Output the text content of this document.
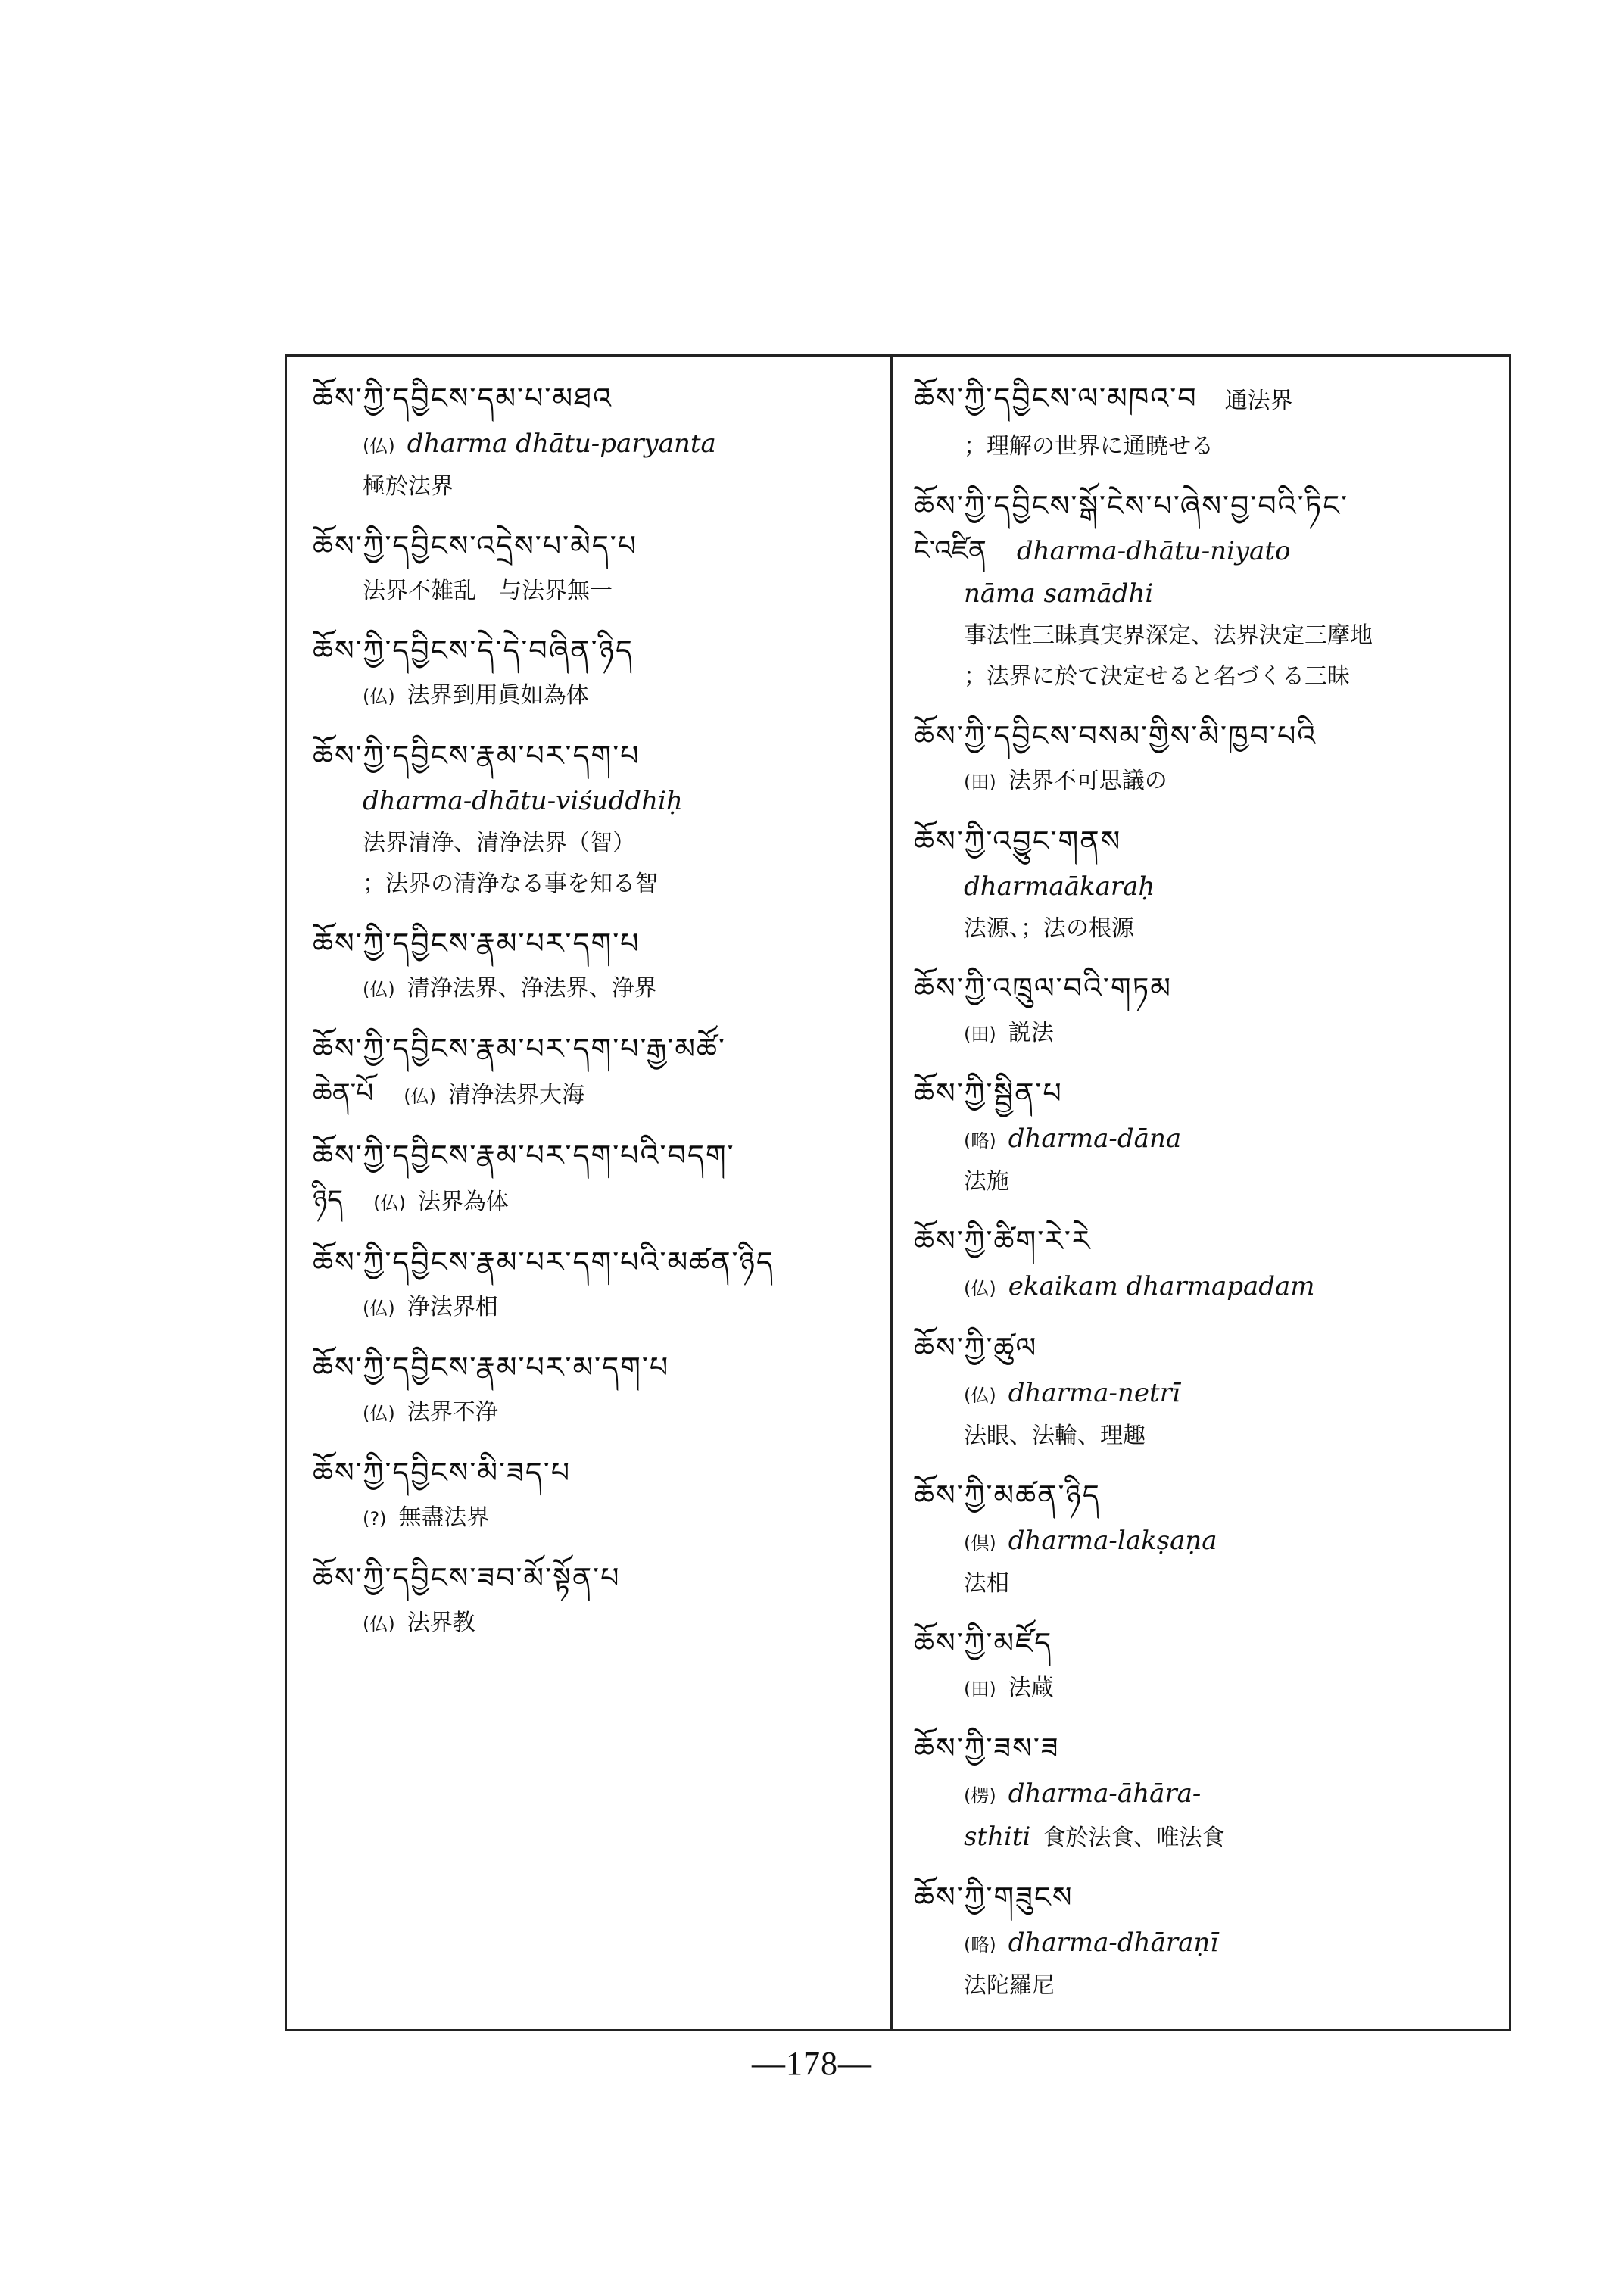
ཆོས་ཀྱི་དབྱིངས་དམ་པ་མཐའ
(仏) dharma dhātu-paryanta
極於法界
ཆོས་ཀྱི་དབྱིངས་འདྲེས་པ་མེད་པ
法界不雑乱　与法界無一
ཆོས་ཀྱི་དབྱིངས་དེ་དེ་བཞིན་ཉིད
(仏) 法界到用眞如為体
ཆོས་ཀྱི་དབྱིངས་རྣམ་པར་དག་པ
dharma-dhātu-viśuddhiḥ
法界清浄、清浄法界（智）
；法界の清浄なる事を知る智
ཆོས་ཀྱི་དབྱིངས་རྣམ་པར་དག་པ
(仏) 清浄法界、浄法界、浄界
ཆོས་ཀྱི་དབྱིངས་རྣམ་པར་དག་པ་རྒྱ་མཚོ་
ཆེན་པོ (仏) 清浄法界大海
ཆོས་ཀྱི་དབྱིངས་རྣམ་པར་དག་པའི་བདག་
ཉིད (仏) 法界為体
ཆོས་ཀྱི་དབྱིངས་རྣམ་པར་དག་པའི་མཚན་ཉིད
(仏) 浄法界相
ཆོས་ཀྱི་དབྱིངས་རྣམ་པར་མ་དག་པ
(仏) 法界不浄
ཆོས་ཀྱི་དབྱིངས་མི་ཟད་པ
(?) 無盡法界
ཆོས་ཀྱི་དབྱིངས་ཟབ་མོ་སྟོན་པ
(仏) 法界教
ཆོས་ཀྱི་དབྱིངས་ལ་མཁའ་བ 通法界
；理解の世界に通暁せる
ཆོས་ཀྱི་དབྱིངས་སྒོ་ངེས་པ་ཞེས་བྱ་བའི་ཏིང་
ངེ་འཛིན dharma-dhātu-niyato
nāma samādhi
事法性三昧真実界深定、法界決定三摩地
；法界に於て決定せると名づくる三昧
ཆོས་ཀྱི་དབྱིངས་བསམ་གྱིས་མི་ཁྱབ་པའི
(田) 法界不可思議の
ཆོས་ཀྱི་འབྱུང་གནས
dharmaākaraḥ
法源、；法の根源
ཆོས་ཀྱི་འཁྲུལ་བའི་གཏམ
(田) 説法
ཆོས་ཀྱི་སྦྱིན་པ
(略) dharma-dāna
法施
ཆོས་ཀྱི་ཚིག་རེ་རེ
(仏) ekaikam dharmapadam
ཆོས་ཀྱི་ཚུལ
(仏) dharma-netrī
法眼、法輪、理趣
ཆོས་ཀྱི་མཚན་ཉིད
(倶) dharma-lakṣaṇa
法相
ཆོས་ཀྱི་མཛོད
(田) 法蔵
ཆོས་ཀྱི་ཟས་ཟ
(楞) dharma-āhāra-
sthiti 食於法食、唯法食
ཆོས་ཀྱི་གཟུངས
(略) dharma-dhāraṇī
法陀羅尼
—178—
